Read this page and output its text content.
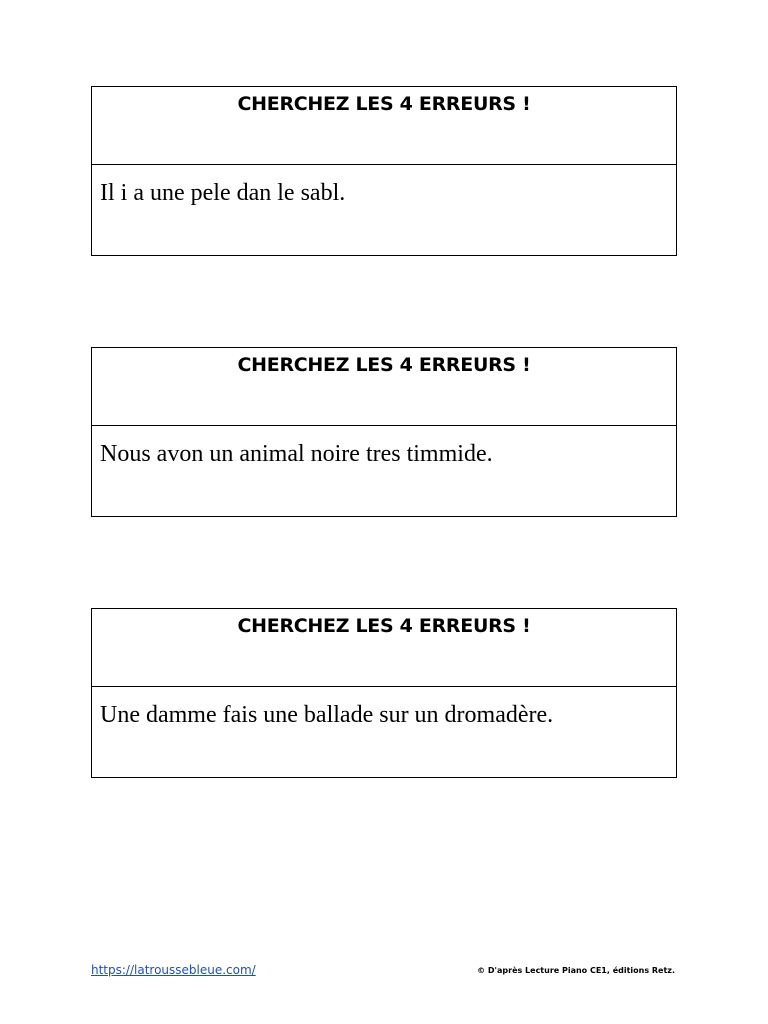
CHERCHEZ LES 4 ERREURS !
Il i a une pele dan le sabl.
CHERCHEZ LES 4 ERREURS !
Nous avon un animal noire tres timmide.
CHERCHEZ LES 4 ERREURS !
Une damme fais une ballade sur un dromadère.
https://latroussebleue.com/	© D'après Lecture Piano CE1, éditions Retz.
